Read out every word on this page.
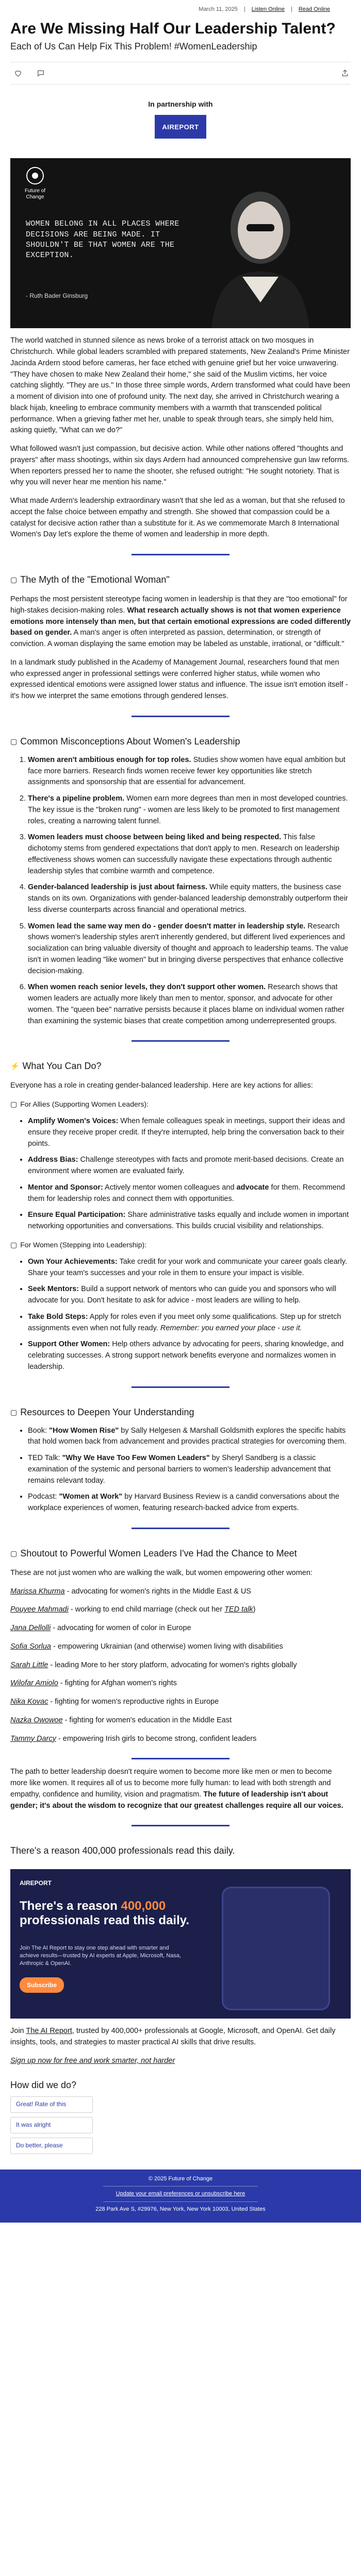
March 11, 2025 | Listen Online | Read Online
Are We Missing Half Our Leadership Talent?
Each of Us Can Help Fix This Problem! #WomenLeadership
In partnership with
AIREPORT
Future of Change
WOMEN BELONG IN ALL PLACES WHERE DECISIONS ARE BEING MADE. IT SHOULDN'T BE THAT WOMEN ARE THE EXCEPTION.
- Ruth Bader Ginsburg

The world watched in stunned silence as news broke of a terrorist attack on two mosques in Christchurch. While global leaders scrambled with prepared statements, New Zealand's Prime Minister Jacinda Ardern stood before cameras, her face etched with genuine grief but her voice unwavering. "They have chosen to make New Zealand their home," she said of the Muslim victims, her voice catching slightly. "They are us." In those three simple words, Ardern transformed what could have been a moment of division into one of profound unity. The next day, she arrived in Christchurch wearing a black hijab, kneeling to embrace community members with a warmth that transcended political performance. When a grieving father met her, unable to speak through tears, she simply held him, asking quietly, "What can we do?"

What followed wasn't just compassion, but decisive action. While other nations offered "thoughts and prayers" after mass shootings, within six days Ardern had announced comprehensive gun law reforms. When reporters pressed her to name the shooter, she refused outright: "He sought notoriety. That is why you will never hear me mention his name."

What made Ardern's leadership extraordinary wasn't that she led as a woman, but that she refused to accept the false choice between empathy and strength. She showed that compassion could be a catalyst for decisive action rather than a substitute for it. As we commemorate March 8 International Women's Day let's explore the theme of women and leadership in more depth.

▢ The Myth of the "Emotional Woman"

Perhaps the most persistent stereotype facing women in leadership is that they are "too emotional" for high-stakes decision-making roles. What research actually shows is not that women experience emotions more intensely than men, but that certain emotional expressions are coded differently based on gender. A man's anger is often interpreted as passion, determination, or strength of conviction. A woman displaying the same emotion may be labeled as unstable, irrational, or "difficult."

In a landmark study published in the Academy of Management Journal, researchers found that men who expressed anger in professional settings were conferred higher status, while women who expressed identical emotions were assigned lower status and influence. The issue isn't emotion itself - it's how we interpret the same emotions through gendered lenses.

▢ Common Misconceptions About Women's Leadership
1. Women aren't ambitious enough for top roles. Studies show women have equal ambition but face more barriers. Research finds women receive fewer key opportunities like stretch assignments and sponsorship that are essential for advancement.
2. There's a pipeline problem. Women earn more degrees than men in most developed countries. The key issue is the "broken rung" - women are less likely to be promoted to first management roles, creating a narrowing talent funnel.
3. Women leaders must choose between being liked and being respected. This false dichotomy stems from gendered expectations that don't apply to men. Research on leadership effectiveness shows women can successfully navigate these expectations through authentic leadership styles that combine warmth and competence.
4. Gender-balanced leadership is just about fairness. While equity matters, the business case stands on its own. Organizations with gender-balanced leadership demonstrably outperform their less diverse counterparts across financial and operational metrics.
5. Women lead the same way men do - gender doesn't matter in leadership style. Research shows women's leadership styles aren't inherently gendered, but different lived experiences and socialization can bring valuable diversity of thought and approach to leadership teams. The value isn't in women leading "like women" but in bringing diverse perspectives that enhance collective decision-making.
6. When women reach senior levels, they don't support other women. Research shows that women leaders are actually more likely than men to mentor, sponsor, and advocate for other women. The "queen bee" narrative persists because it places blame on individual women rather than examining the systemic biases that create competition among underrepresented groups.
⚡ What You Can Do?

Everyone has a role in creating gender-balanced leadership. Here are key actions for allies:

▢ For Allies (Supporting Women Leaders):
• Amplify Women's Voices: When female colleagues speak in meetings, support their ideas and ensure they receive proper credit. If they're interrupted, help bring the conversation back to their points.
• Address Bias: Challenge stereotypes with facts and promote merit-based decisions. Create an environment where women are evaluated fairly.
• Mentor and Sponsor: Actively mentor women colleagues and advocate for them. Recommend them for leadership roles and connect them with opportunities.
• Ensure Equal Participation: Share administrative tasks equally and include women in important networking opportunities and conversations. This builds crucial visibility and relationships.
▢ For Women (Stepping into Leadership):
• Own Your Achievements: Take credit for your work and communicate your career goals clearly. Share your team's successes and your role in them to ensure your impact is visible.
• Seek Mentors: Build a support network of mentors who can guide you and sponsors who will advocate for you. Don't hesitate to ask for advice - most leaders are willing to help.
• Take Bold Steps: Apply for roles even if you meet only some qualifications. Step up for stretch assignments even when not fully ready. Remember: you earned your place - use it.
• Support Other Women: Help others advance by advocating for peers, sharing knowledge, and celebrating successes. A strong support network benefits everyone and normalizes women in leadership.
▢ Resources to Deepen Your Understanding
• Book: "How Women Rise" by Sally Helgesen & Marshall Goldsmith explores the specific habits that hold women back from advancement and provides practical strategies for overcoming them.
• TED Talk: "Why We Have Too Few Women Leaders" by Sheryl Sandberg is a classic examination of the systemic and personal barriers to women's leadership advancement that remains relevant today.
• Podcast: "Women at Work" by Harvard Business Review is a candid conversations about the workplace experiences of women, featuring research-backed advice from experts.
▢ Shoutout to Powerful Women Leaders I've Had the Chance to Meet

These are not just women who are walking the walk, but women empowering other women:

Marissa Khurma - advocating for women's rights in the Middle East & US

Pouyee Mahmadi - working to end child marriage (check out her TED talk)

Jana Dellolli - advocating for women of color in Europe

Sofia Sorlua - empowering Ukrainian (and otherwise) women living with disabilities

Sarah Little - leading More to her story platform, advocating for women's rights globally

Wilofar Amiolo - fighting for Afghan women's rights

Nika Kovac - fighting for women's reproductive rights in Europe

Nazka Owowoe - fighting for women's education in the Middle East

Tammy Darcy - empowering Irish girls to become strong, confident leaders

The path to better leadership doesn't require women to become more like men or men to become more like women. It requires all of us to become more fully human: to lead with both strength and empathy, confidence and humility, vision and pragmatism. The future of leadership isn't about gender; it's about the wisdom to recognize that our greatest challenges require all our voices.

There's a reason 400,000 professionals read this daily.
AIREPORT
There's a reason 400,000 professionals read this daily.
Join The AI Report to stay one step ahead with smarter and achieve results—trusted by AI experts at Apple, Microsoft, Nasa, Anthropic & OpenAI.
Subscribe

Join The AI Report, trusted by 400,000+ professionals at Google, Microsoft, and OpenAI. Get daily insights, tools, and strategies to master practical AI skills that drive results.

Sign up now for free and work smarter, not harder

How did we do?
Great! Rate of this
It was alright
Do better, please
© 2025 Future of Change
Update your email preferences or unsubscribe here
228 Park Ave S, #29976, New York, New York 10003, United States
